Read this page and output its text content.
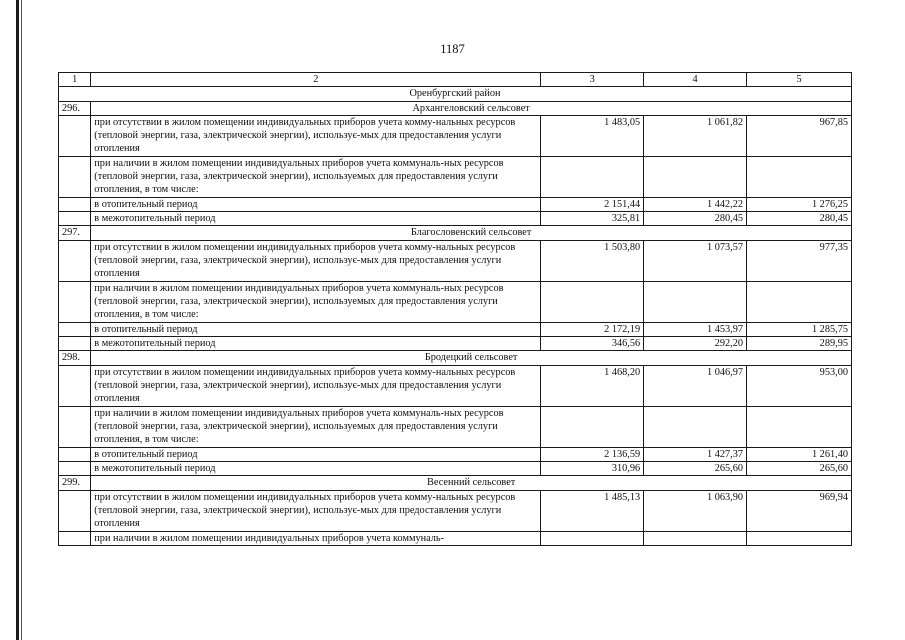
1187
1	2	3	4	5
Оренбургский район				
296.	Архангеловский сельсовет			
	при отсутствии в жилом помещении индивидуальных приборов учета комму-нальных ресурсов (тепловой энергии, газа, электрической энергии), использує-мых для предоставления услуги отопления	1 483,05	1 061,82	967,85
	при наличии в жилом помещении индивидуальных приборов учета коммуналь-ных ресурсов (тепловой энергии, газа, электрической энергии), используемых для предоставления услуги отопления, в том числе:			
	в отопительный период	2 151,44	1 442,22	1 276,25
	в межотопительный период	325,81	280,45	280,45
297.	Благословенский сельсовет			
	при отсутствии в жилом помещении индивидуальных приборов учета комму-нальных ресурсов (тепловой энергии, газа, электрической энергии), использує-мых для предоставления услуги отопления	1 503,80	1 073,57	977,35
	при наличии в жилом помещении индивидуальных приборов учета коммуналь-ных ресурсов (тепловой энергии, газа, электрической энергии), используемых для предоставления услуги отопления, в том числе:			
	в отопительный период	2 172,19	1 453,97	1 285,75
	в межотопительный период	346,56	292,20	289,95
298.	Бродецкий сельсовет			
	при отсутствии в жилом помещении индивидуальных приборов учета комму-нальных ресурсов (тепловой энергии, газа, электрической энергии), использує-мых для предоставления услуги отопления	1 468,20	1 046,97	953,00
	при наличии в жилом помещении индивидуальных приборов учета коммуналь-ных ресурсов (тепловой энергии, газа, электрической энергии), используемых для предоставления услуги отопления, в том числе:			
	в отопительный период	2 136,59	1 427,37	1 261,40
	в межотопительный период	310,96	265,60	265,60
299.	Весенний сельсовет			
	при отсутствии в жилом помещении индивидуальных приборов учета комму-нальных ресурсов (тепловой энергии, газа, электрической энергии), использує-мых для предоставления услуги отопления	1 485,13	1 063,90	969,94
	при наличии в жилом помещении индивидуальных приборов учета коммуналь-			
